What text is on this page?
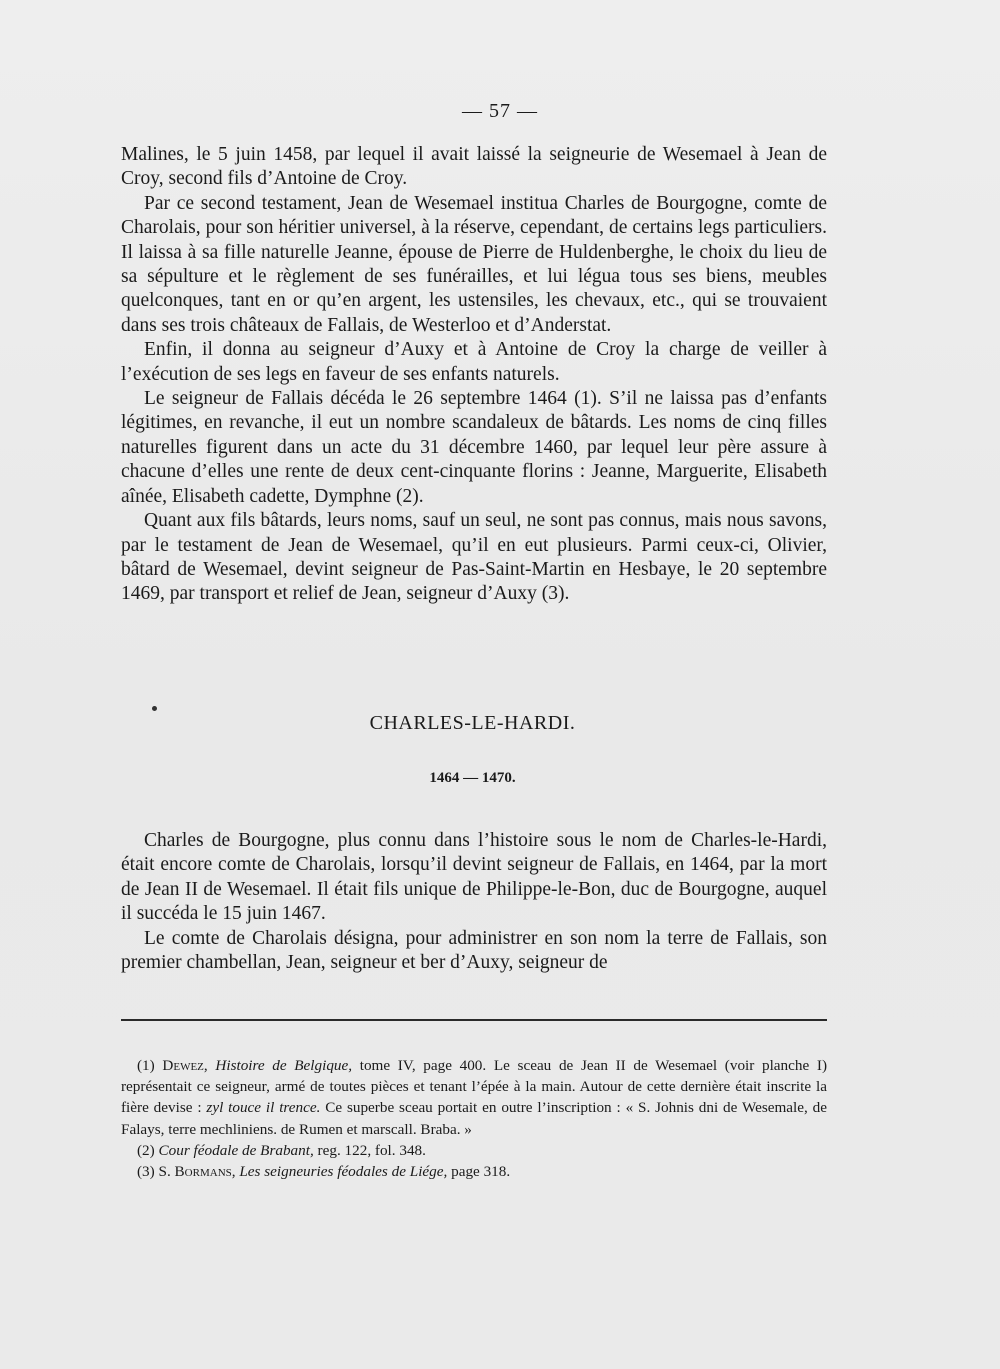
— 57 —

Malines, le 5 juin 1458, par lequel il avait laissé la seigneurie de Wesemael à Jean de Croy, second fils d’Antoine de Croy.

Par ce second testament, Jean de Wesemael institua Charles de Bourgogne, comte de Charolais, pour son héritier universel, à la réserve, cependant, de certains legs particuliers. Il laissa à sa fille naturelle Jeanne, épouse de Pierre de Huldenberghe, le choix du lieu de sa sépulture et le règlement de ses funérailles, et lui légua tous ses biens, meubles quelconques, tant en or qu’en argent, les ustensiles, les chevaux, etc., qui se trouvaient dans ses trois châteaux de Fallais, de Westerloo et d’Anderstat.

Enfin, il donna au seigneur d’Auxy et à Antoine de Croy la charge de veiller à l’exécution de ses legs en faveur de ses enfants naturels.

Le seigneur de Fallais décéda le 26 septembre 1464 (1). S’il ne laissa pas d’enfants légitimes, en revanche, il eut un nombre scandaleux de bâtards. Les noms de cinq filles naturelles figurent dans un acte du 31 décembre 1460, par lequel leur père assure à chacune d’elles une rente de deux cent-cinquante florins : Jeanne, Marguerite, Elisabeth aînée, Elisabeth cadette, Dymphne (2).

Quant aux fils bâtards, leurs noms, sauf un seul, ne sont pas connus, mais nous savons, par le testament de Jean de Wesemael, qu’il en eut plusieurs. Parmi ceux-ci, Olivier, bâtard de Wesemael, devint seigneur de Pas-Saint-Martin en Hesbaye, le 20 septembre 1469, par transport et relief de Jean, seigneur d’Auxy (3).

CHARLES-LE-HARDI.
1464 — 1470.

Charles de Bourgogne, plus connu dans l’histoire sous le nom de Charles-le-Hardi, était encore comte de Charolais, lorsqu’il devint seigneur de Fallais, en 1464, par la mort de Jean II de Wesemael. Il était fils unique de Philippe-le-Bon, duc de Bourgogne, auquel il succéda le 15 juin 1467.

Le comte de Charolais désigna, pour administrer en son nom la terre de Fallais, son premier chambellan, Jean, seigneur et ber d’Auxy, seigneur de

(1) Dewez, Histoire de Belgique, tome IV, page 400. Le sceau de Jean II de Wesemael (voir planche I) représentait ce seigneur, armé de toutes pièces et tenant l’épée à la main. Autour de cette dernière était inscrite la fière devise : zyl touce il trence. Ce superbe sceau portait en outre l’inscription : « S. Johnis dni de Wesemale, de Falays, terre mechliniens. de Rumen et marscall. Braba. »

(2) Cour féodale de Brabant, reg. 122, fol. 348.

(3) S. Bormans, Les seigneuries féodales de Liége, page 318.
